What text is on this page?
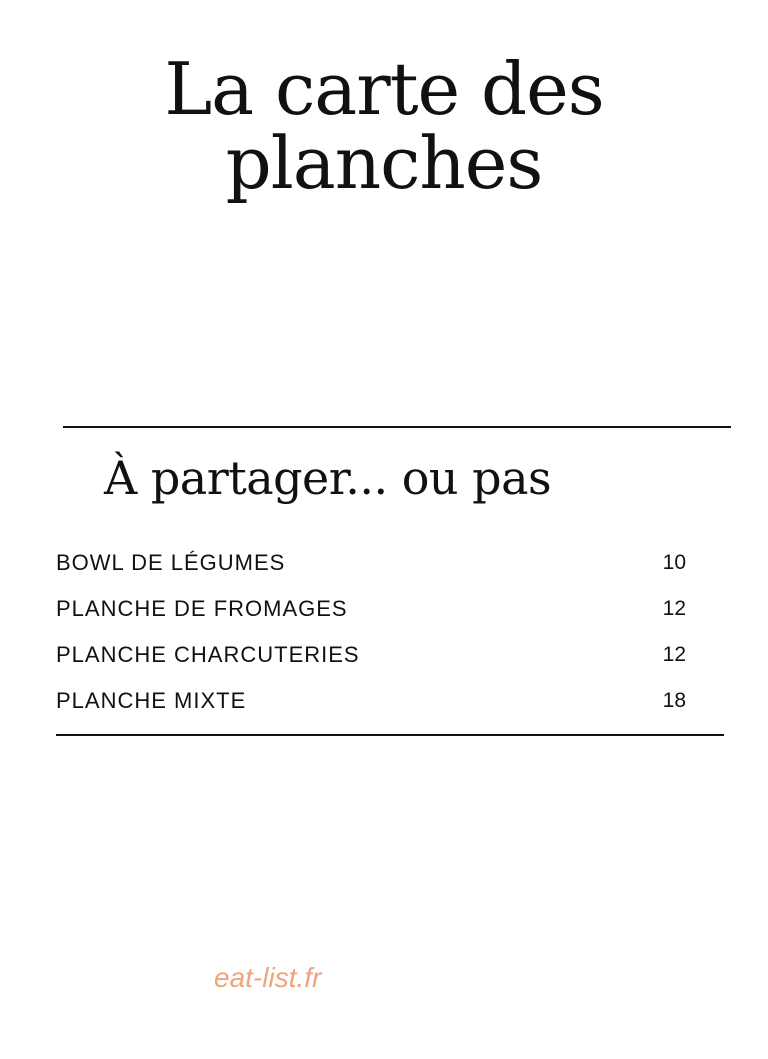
La carte des
planches
À partager... ou pas
BOWL DE LÉGUMES	10
PLANCHE DE FROMAGES	12
PLANCHE CHARCUTERIES	12
PLANCHE MIXTE	18
eat-list.fr
